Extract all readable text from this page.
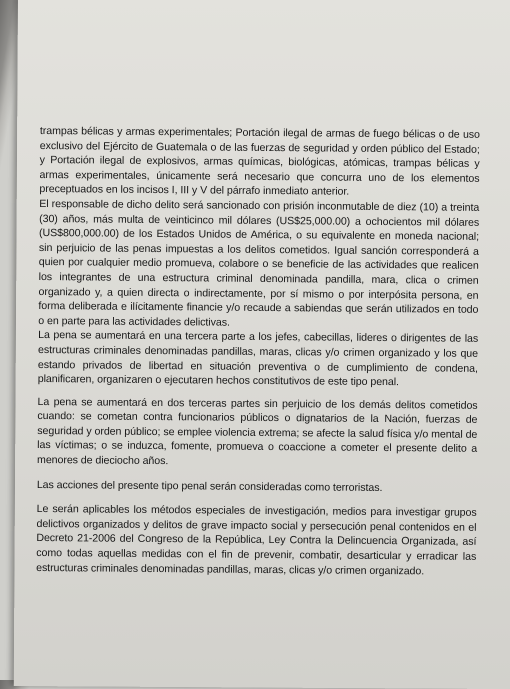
trampas bélicas y armas experimentales; Portación ilegal de armas de fuego bélicas o de uso exclusivo del Ejército de Guatemala o de las fuerzas de seguridad y orden público del Estado; y Portación ilegal de explosivos, armas químicas, biológicas, atómicas, trampas bélicas y armas experimentales, únicamente será necesario que concurra uno de los elementos preceptuados en los incisos I, III y V del párrafo inmediato anterior.

El responsable de dicho delito será sancionado con prisión inconmutable de diez (10) a treinta (30) años, más multa de veinticinco mil dólares (US$25,000.00) a ochocientos mil dólares (US$800,000.00) de los Estados Unidos de América, o su equivalente en moneda nacional; sin perjuicio de las penas impuestas a los delitos cometidos. Igual sanción corresponderá a quien por cualquier medio promueva, colabore o se beneficie de las actividades que realicen los integrantes de una estructura criminal denominada pandilla, mara, clica o crimen organizado y, a quien directa o indirectamente, por sí mismo o por interpósita persona, en forma deliberada e ilícitamente financie y/o recaude a sabiendas que serán utilizados en todo o en parte para las actividades delictivas.

La pena se aumentará en una tercera parte a los jefes, cabecillas, lideres o dirigentes de las estructuras criminales denominadas pandillas, maras, clicas y/o crimen organizado y los que estando privados de libertad en situación preventiva o de cumplimiento de condena, planificaren, organizaren o ejecutaren hechos constitutivos de este tipo penal.

La pena se aumentará en dos terceras partes sin perjuicio de los demás delitos cometidos cuando: se cometan contra funcionarios públicos o dignatarios de la Nación, fuerzas de seguridad y orden público; se emplee violencia extrema; se afecte la salud física y/o mental de las víctimas; o se induzca, fomente, promueva o coaccione a cometer el presente delito a menores de dieciocho años.

Las acciones del presente tipo penal serán consideradas como terroristas.

Le serán aplicables los métodos especiales de investigación, medios para investigar grupos delictivos organizados y delitos de grave impacto social y persecución penal contenidos en el Decreto 21-2006 del Congreso de la República, Ley Contra la Delincuencia Organizada, así como todas aquellas medidas con el fin de prevenir, combatir, desarticular y erradicar las estructuras criminales denominadas pandillas, maras, clicas y/o crimen organizado.
